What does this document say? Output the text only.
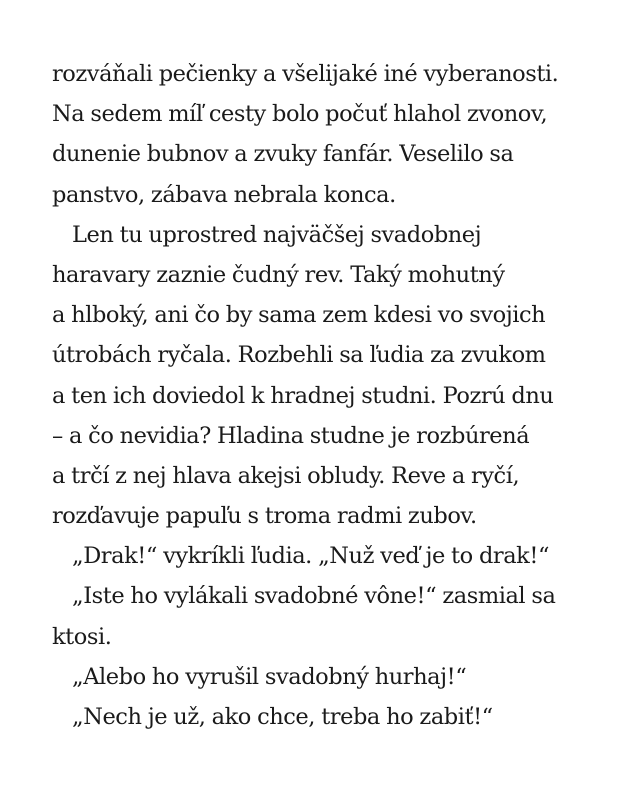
rozváňali pečienky a všelijaké iné vyberanosti.
Na sedem míľ cesty bolo počuť hlahol zvonov,
dunenie bubnov a zvuky fanfár. Veselilo sa
panstvo, zábava nebrala konca.
Len tu uprostred najväčšej svadobnej
haravary zaznie čudný rev. Taký mohutný
a hlboký, ani čo by sama zem kdesi vo svojich
útrobách ryčala. Rozbehli sa ľudia za zvukom
a ten ich doviedol k hradnej studni. Pozrú dnu
– a čo nevidia? Hladina studne je rozbúrená
a trčí z nej hlava akejsi obludy. Reve a ryčí,
rozďavuje papuľu s troma radmi zubov.
„Drak!“ vykríkli ľudia. „Nuž veď je to drak!“
„Iste ho vylákali svadobné vône!“ zasmial sa
ktosi.
„Alebo ho vyrušil svadobný hurhaj!“
„Nech je už, ako chce, treba ho zabiť!“
